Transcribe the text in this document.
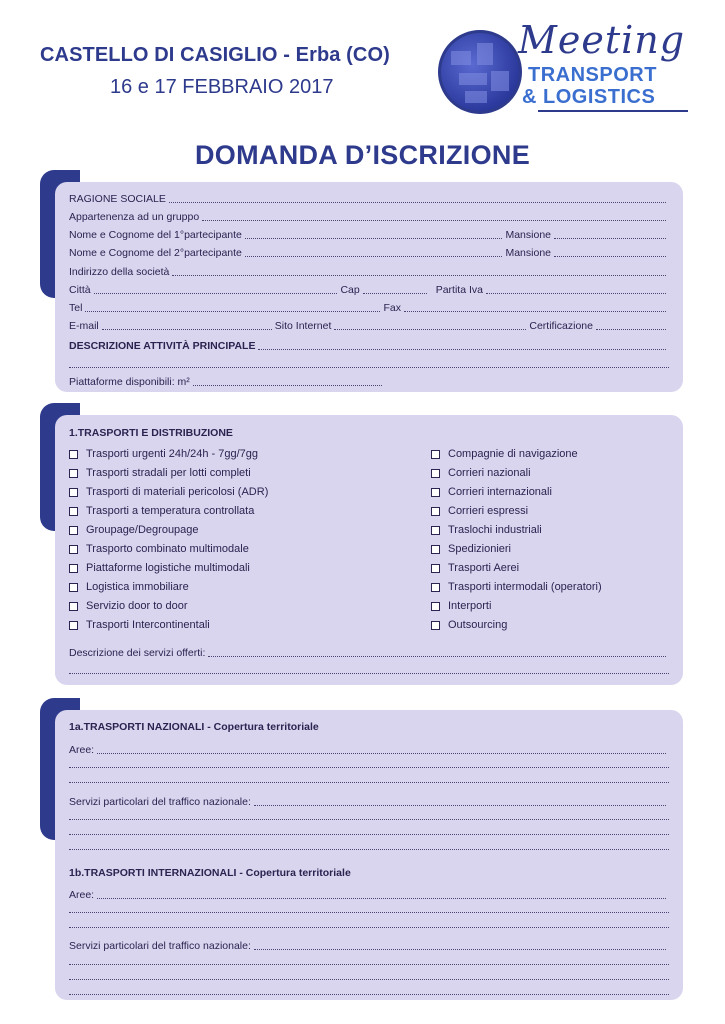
CASTELLO DI CASIGLIO - Erba (CO)
16 e 17 FEBBRAIO 2017
Meeting
TRANSPORT
& LOGISTICS
DOMANDA D’ISCRIZIONE
RAGIONE SOCIALE
Appartenenza ad un gruppo
Nome e Cognome del 1°partecipante	Mansione
Nome e Cognome del 2°partecipante	Mansione
Indirizzo della società
Città	Cap	Partita Iva
Tel	Fax
E-mail	Sito Internet	Certificazione
DESCRIZIONE ATTIVITÀ PRINCIPALE
Piattaforme disponibili: m²
1.TRASPORTI E DISTRIBUZIONE
Trasporti urgenti 24h/24h - 7gg/7gg
Trasporti stradali per lotti completi
Trasporti di materiali pericolosi (ADR)
Trasporti a temperatura controllata
Groupage/Degroupage
Trasporto combinato multimodale
Piattaforme logistiche multimodali
Logistica immobiliare
Servizio door to door
Trasporti Intercontinentali
Compagnie di navigazione
Corrieri nazionali
Corrieri internazionali
Corrieri espressi
Traslochi industriali
Spedizionieri
Trasporti Aerei
Trasporti intermodali (operatori)
Interporti
Outsourcing
Descrizione dei servizi offerti:
1a.TRASPORTI NAZIONALI - Copertura territoriale
Aree:
Servizi particolari del traffico nazionale:
1b.TRASPORTI INTERNAZIONALI - Copertura territoriale
Aree:
Servizi particolari del traffico nazionale:
